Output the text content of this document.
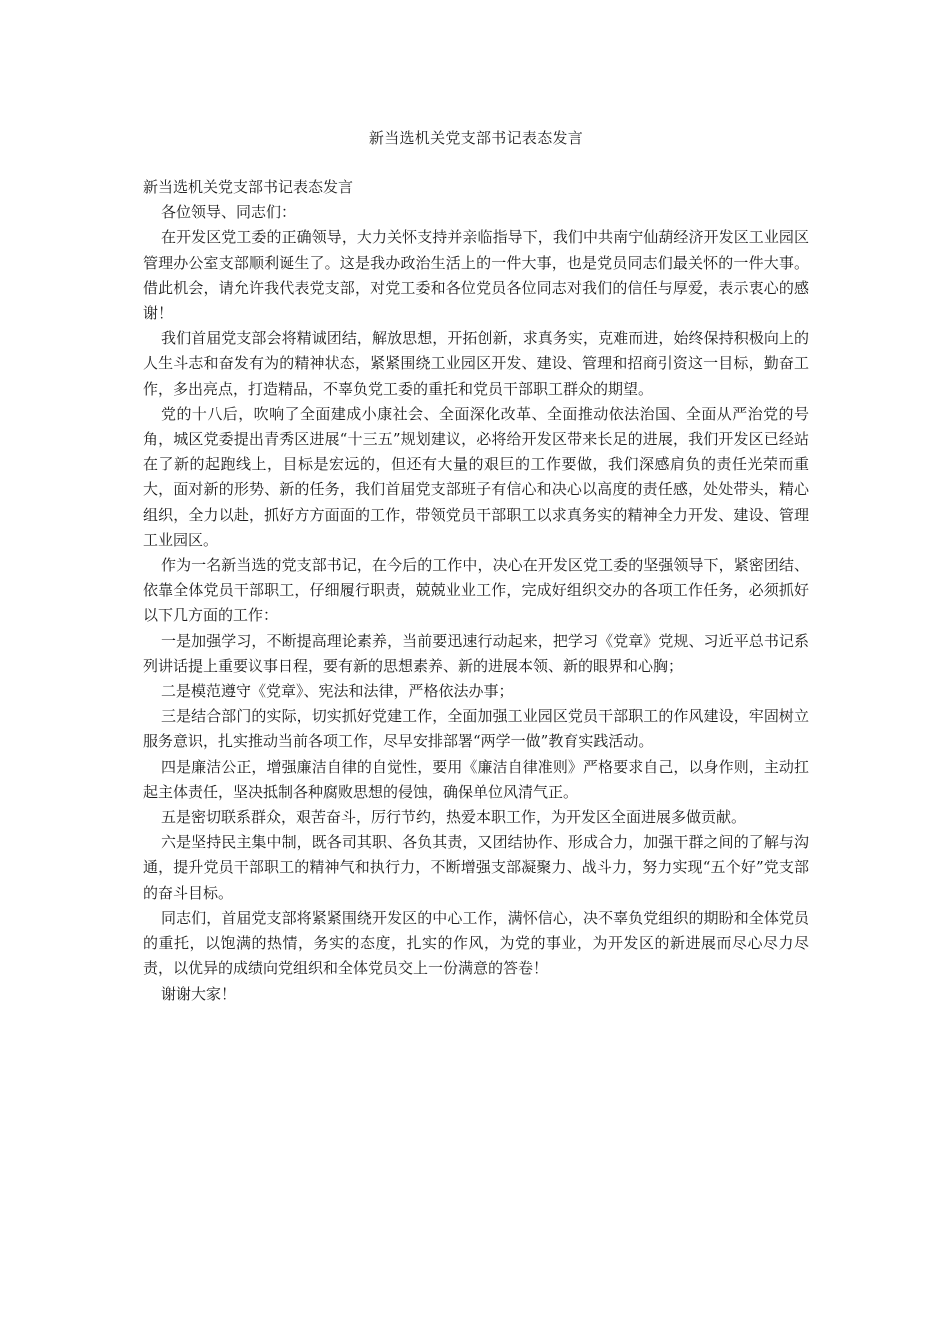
新当选机关党支部书记表态发言

新当选机关党支部书记表态发言

各位领导、同志们：

在开发区党工委的正确领导，大力关怀支持并亲临指导下，我们中共南宁仙葫经济开发区工业园区管理办公室支部顺利诞生了。这是我办政治生活上的一件大事，也是党员同志们最关怀的一件大事。借此机会，请允许我代表党支部，对党工委和各位党员各位同志对我们的信任与厚爱，表示衷心的感谢！

我们首届党支部会将精诚团结，解放思想，开拓创新，求真务实，克难而进，始终保持积极向上的人生斗志和奋发有为的精神状态，紧紧围绕工业园区开发、建设、管理和招商引资这一目标，勤奋工作，多出亮点，打造精品，不辜负党工委的重托和党员干部职工群众的期望。

党的十八后，吹响了全面建成小康社会、全面深化改革、全面推动依法治国、全面从严治党的号角，城区党委提出青秀区进展“十三五”规划建议，必将给开发区带来长足的进展，我们开发区已经站在了新的起跑线上，目标是宏远的，但还有大量的艰巨的工作要做，我们深感肩负的责任光荣而重大，面对新的形势、新的任务，我们首届党支部班子有信心和决心以高度的责任感，处处带头，精心组织，全力以赴，抓好方方面面的工作，带领党员干部职工以求真务实的精神全力开发、建设、管理工业园区。

作为一名新当选的党支部书记，在今后的工作中，决心在开发区党工委的坚强领导下，紧密团结、依靠全体党员干部职工，仔细履行职责，兢兢业业工作，完成好组织交办的各项工作任务，必须抓好以下几方面的工作：

一是加强学习，不断提高理论素养，当前要迅速行动起来，把学习《党章》党规、习近平总书记系列讲话提上重要议事日程，要有新的思想素养、新的进展本领、新的眼界和心胸；

二是模范遵守《党章》、宪法和法律，严格依法办事；

三是结合部门的实际，切实抓好党建工作，全面加强工业园区党员干部职工的作风建设，牢固树立服务意识，扎实推动当前各项工作，尽早安排部署“两学一做”教育实践活动。

四是廉洁公正，增强廉洁自律的自觉性，要用《廉洁自律准则》严格要求自己，以身作则，主动扛起主体责任，坚决抵制各种腐败思想的侵蚀，确保单位风清气正。

五是密切联系群众，艰苦奋斗，厉行节约，热爱本职工作，为开发区全面进展多做贡献。

六是坚持民主集中制，既各司其职、各负其责，又团结协作、形成合力，加强干群之间的了解与沟通，提升党员干部职工的精神气和执行力，不断增强支部凝聚力、战斗力，努力实现“五个好”党支部的奋斗目标。

同志们，首届党支部将紧紧围绕开发区的中心工作，满怀信心，决不辜负党组织的期盼和全体党员的重托，以饱满的热情，务实的态度，扎实的作风，为党的事业，为开发区的新进展而尽心尽力尽责，以优异的成绩向党组织和全体党员交上一份满意的答卷！

谢谢大家！
